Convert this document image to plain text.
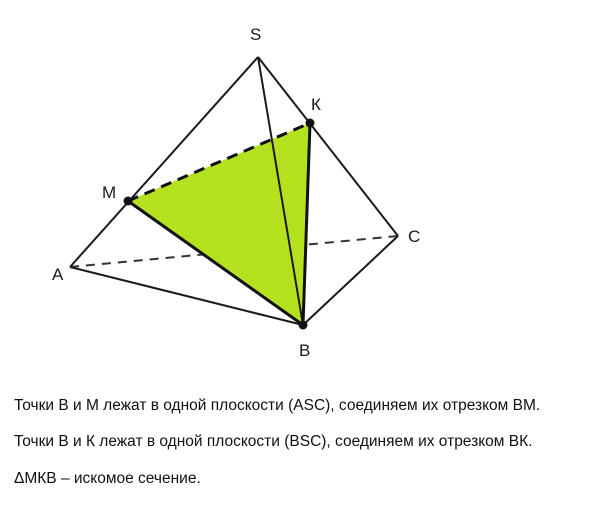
S
К
M
A
C
B
Точки B и M лежат в одной плоскости (ASC), соединяем их отрезком BM.
Точки B и К лежат в одной плоскости (BSC), соединяем их отрезком ВК.
ΔМКВ – искомое сечение.
